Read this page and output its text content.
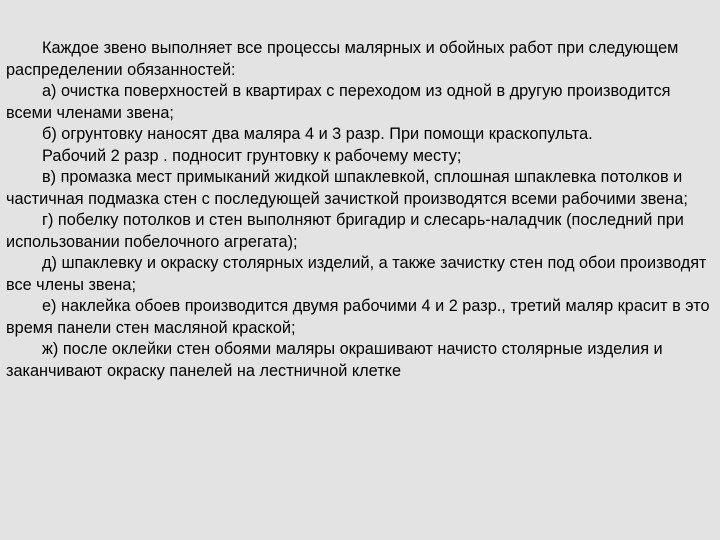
Каждое звено выполняет все процессы малярных и обойных работ при следующем распределении обязанностей:

а) очистка поверхностей в квартирах с переходом из одной в другую производится всеми членами звена;

б) огрунтовку наносят два маляра 4 и 3 разр. При помощи краскопульта.

Рабочий 2 разр . подносит грунтовку к рабочему месту;

в) промазка мест примыканий жидкой шпаклевкой, сплошная шпаклевка потолков и частичная подмазка стен с последующей зачисткой производятся всеми рабочими звена;

г) побелку потолков и стен выполняют бригадир и слесарь-наладчик (последний при использовании побелочного агрегата);

д) шпаклевку и окраску столярных изделий, а также зачистку стен под обои производят все члены звена;

е) наклейка обоев производится двумя рабочими 4 и 2 разр., третий маляр красит в это время панели стен масляной краской;

ж) после оклейки стен обоями маляры окрашивают начисто столярные изделия и заканчивают окраску панелей на лестничной клетке
